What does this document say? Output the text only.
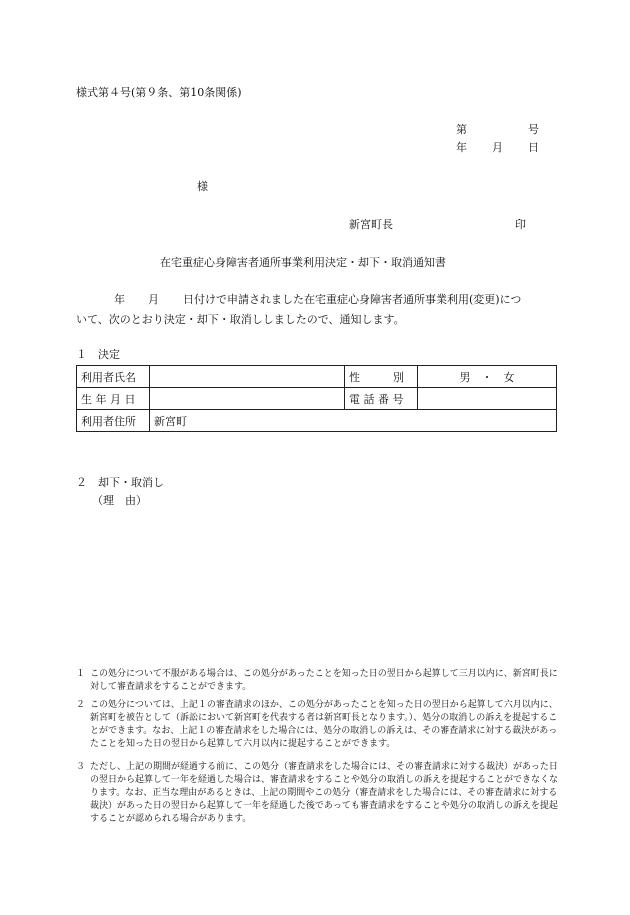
様式第４号(第９条、第10条関係)
第	号
年 月 日
様
新宮町長	印
在宅重症心身障害者通所事業利用決定・却下・取消通知書
年 月 日付けで申請されました在宅重症心身障害者通所事業利用(変更)につ
いて、次のとおり決定・却下・取消ししましたので、通知します。
１　決定
利用者氏名		性　　　別	男　・　女
生 年 月 日		電 話 番 号	
利用者住所	新宮町		
２　却下・取消し
（理　由）

１ この処分について不服がある場合は、この処分があったことを知った日の翌日から起算して三月以内に、新宮町長に対して審査請求をすることができます。

２ この処分については、上記１の審査請求のほか、この処分があったことを知った日の翌日から起算して六月以内に、新宮町を被告として（訴訟において新宮町を代表する者は新宮町長となります。）、処分の取消しの訴えを提起することができます。なお、上記１の審査請求をした場合には、処分の取消しの訴えは、その審査請求に対する裁決があったことを知った日の翌日から起算して六月以内に提起することができます。

３ ただし、上記の期間が経過する前に、この処分（審査請求をした場合には、その審査請求に対する裁決）があった日の翌日から起算して一年を経過した場合は、審査請求をすることや処分の取消しの訴えを提起することができなくなります。なお、正当な理由があるときは、上記の期間やこの処分（審査請求をした場合には、その審査請求に対する裁決）があった日の翌日から起算して一年を経過した後であっても審査請求をすることや処分の取消しの訴えを提起することが認められる場合があります。
